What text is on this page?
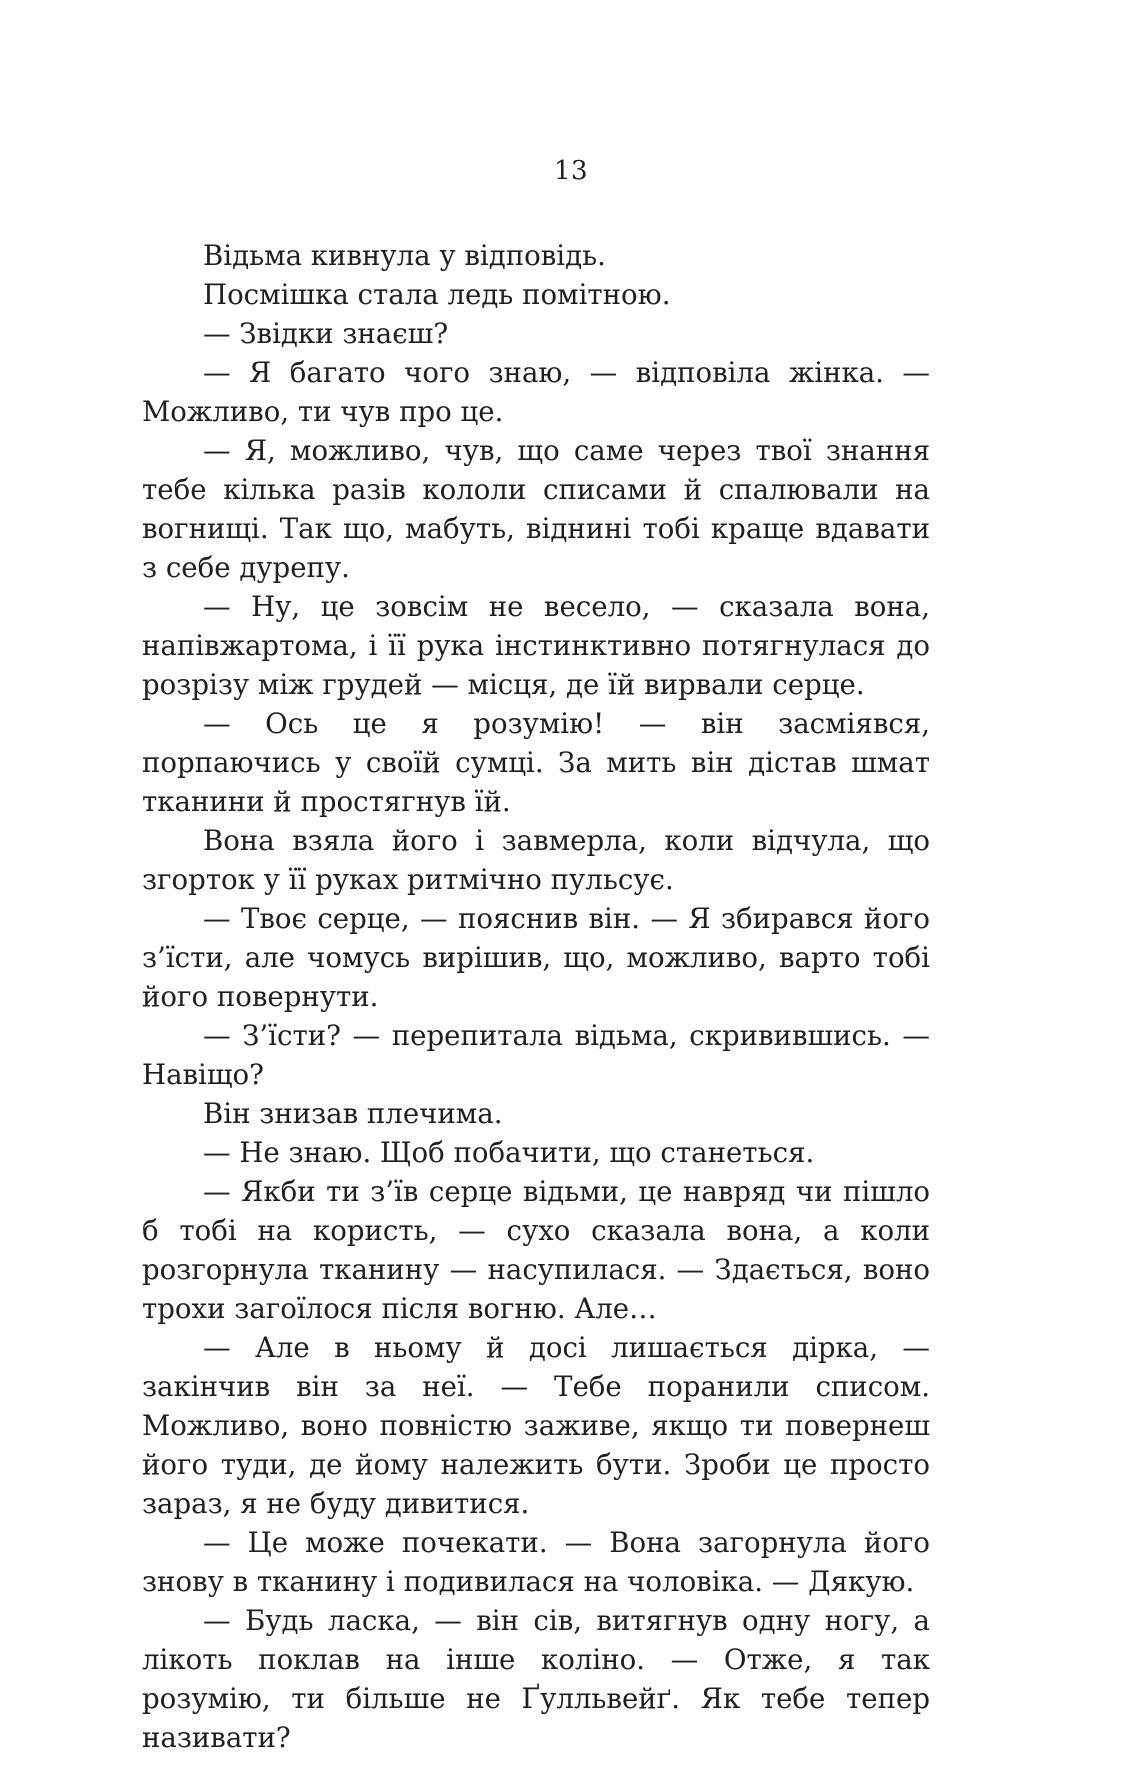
13

Відьма кивнула у відповідь.

Посмішка стала ледь помітною.

— Звідки знаєш?

— Я багато чого знаю, — відповіла жінка. — Можливо, ти чув про це.

— Я, можливо, чув, що саме через твої знання тебе кілька разів кололи списами й спалювали на вогнищі. Так що, мабуть, віднині тобі краще вдавати з себе дурепу.

— Ну, це зовсім не весело, — сказала вона, напівжартома, і її рука інстинктивно потягнулася до розрізу між грудей — місця, де їй вирвали серце.

— Ось це я розумію! — він засміявся, порпаючись у своїй сумці. За мить він дістав шмат тканини й простягнув їй.

Вона взяла його і завмерла, коли відчула, що згорток у її руках ритмічно пульсує.

— Твоє серце, — пояснив він. — Я збирався його з’їсти, але чомусь вирішив, що, можливо, варто тобі його повернути.

— З’їсти? — перепитала відьма, скривившись. — Навіщо?

Він знизав плечима.

— Не знаю. Щоб побачити, що станеться.

— Якби ти з’їв серце відьми, це навряд чи пішло б тобі на користь, — сухо сказала вона, а коли розгорнула тканину — насупилася. — Здається, воно трохи загоїлося після вогню. Але…

— Але в ньому й досі лишається дірка, — закінчив він за неї. — Тебе поранили списом. Можливо, воно повністю заживе, якщо ти повернеш його туди, де йому належить бути. Зроби це просто зараз, я не буду дивитися.

— Це може почекати. — Вона загорнула його знову в тканину і подивилася на чоловіка. — Дякую.

— Будь ласка, — він сів, витягнув одну ногу, а лікоть поклав на інше коліно. — Отже, я так розумію, ти більше не Ґулльвейґ. Як тебе тепер називати?
